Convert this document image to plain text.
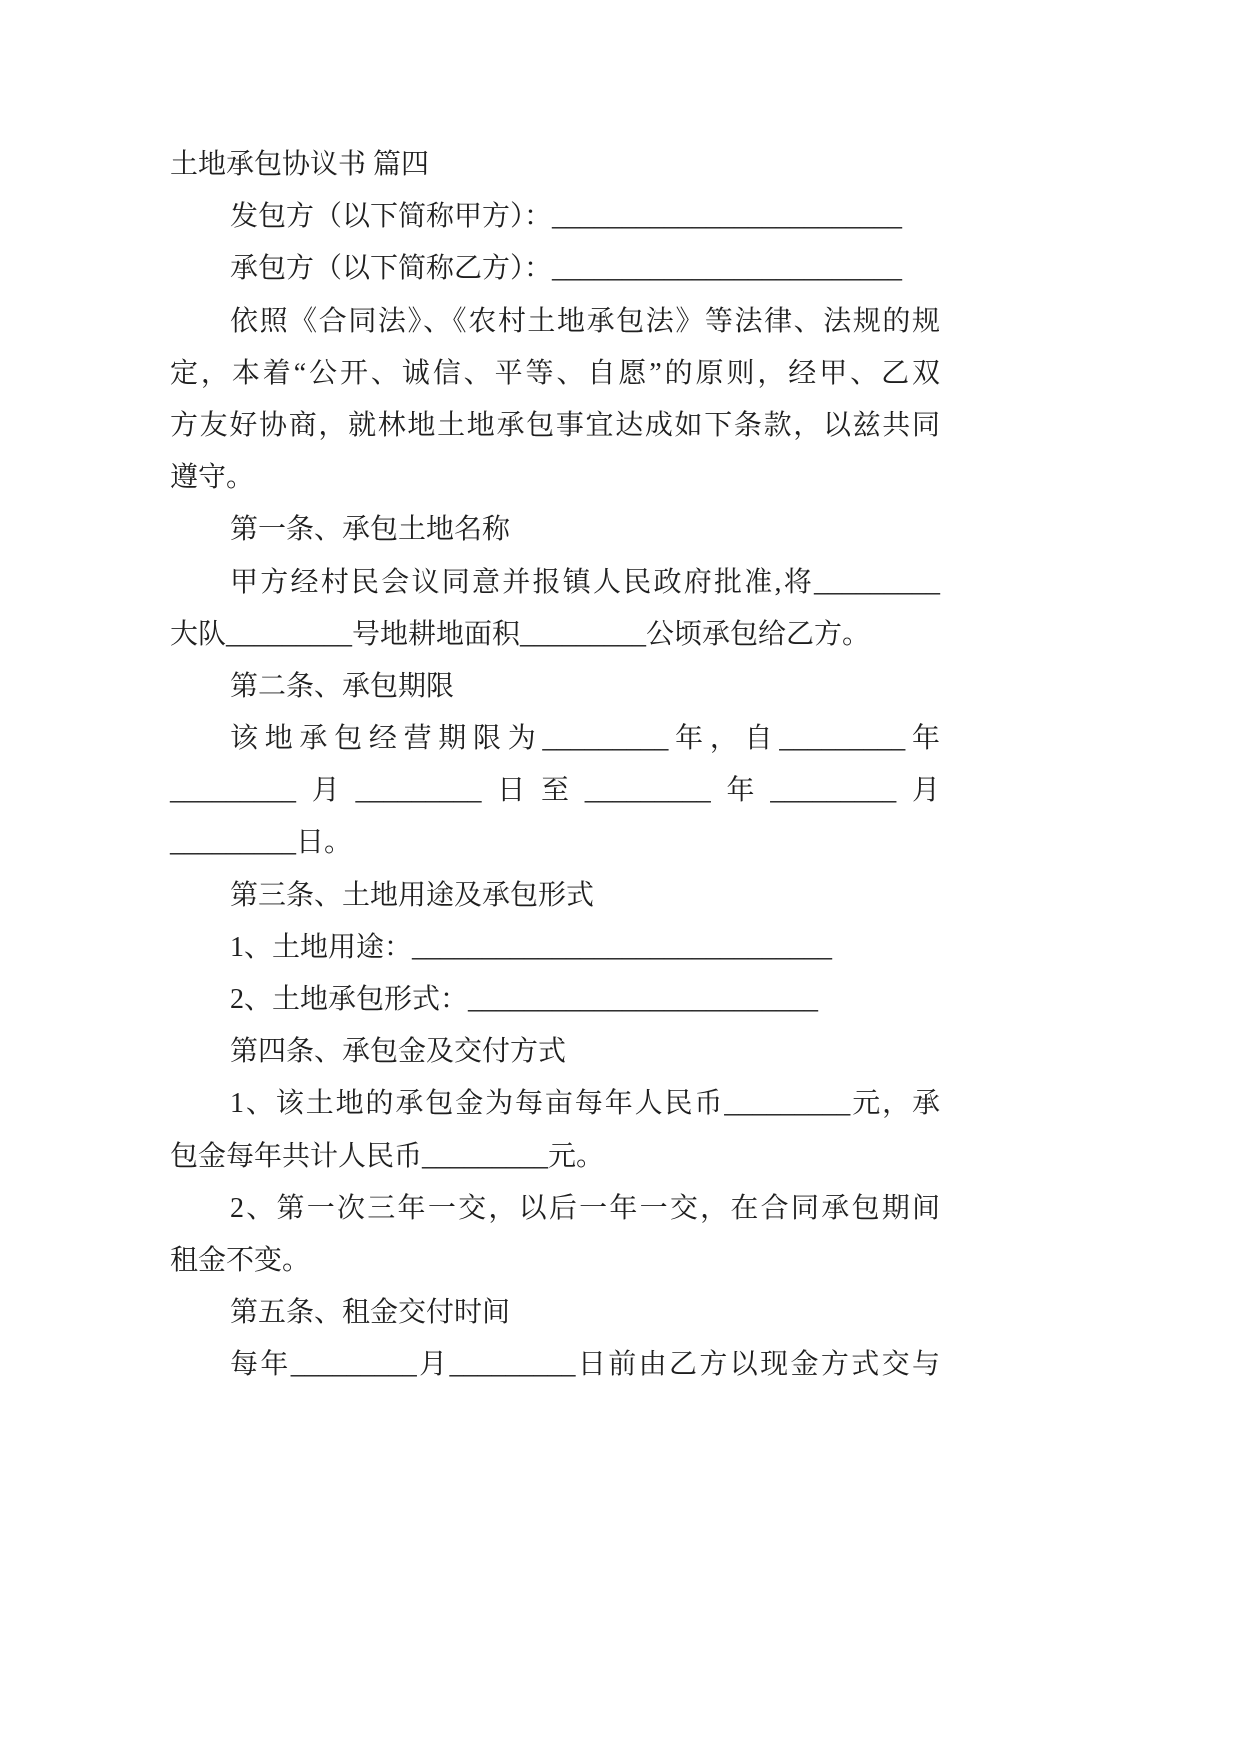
土地承包协议书 篇四
发包方（以下简称甲方）：_________________________
承包方（以下简称乙方）：_________________________
依照《合同法》、《农村土地承包法》等法律、法规的规
定，本着“公开、诚信、平等、自愿”的原则，经甲、乙双
方友好协商，就林地土地承包事宜达成如下条款，以兹共同
遵守。
第一条、承包土地名称
甲方经村民会议同意并报镇人民政府批准,将_________
大队_________号地耕地面积_________公顷承包给乙方。
第二条、承包期限
该地承包经营期限为_________年，自_________年
_________月_________日至_________年_________月
_________日。
第三条、土地用途及承包形式
1、土地用途：______________________________
2、土地承包形式：_________________________
第四条、承包金及交付方式
1、该土地的承包金为每亩每年人民币_________元，承
包金每年共计人民币_________元。
2、第一次三年一交，以后一年一交，在合同承包期间
租金不变。
第五条、租金交付时间
每年_________月_________日前由乙方以现金方式交与
